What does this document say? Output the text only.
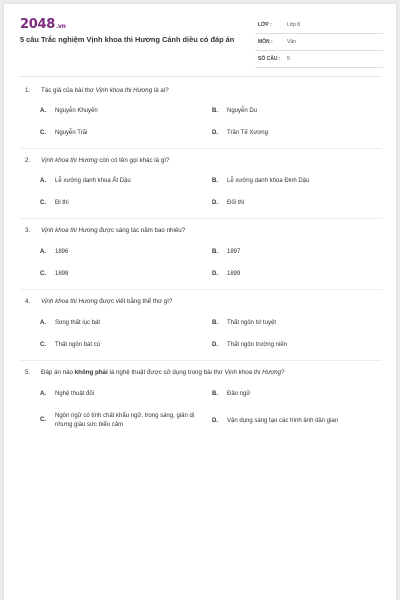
2048.vn
5 câu Trắc nghiệm Vịnh khoa thi Hương Cánh diều có đáp án
LỚP :	Lớp 8
MÔN :	Văn
SỐ CÂU : 5
1. Tác giả của bài thơ Vịnh khoa thi Hương là ai?
A. Nguyễn Khuyến	B. Nguyễn Du
C. Nguyễn Trãi	D. Trần Tế Xương
2. Vịnh khoa thi Hương còn có tên gọi khác là gì?
A. Lễ xướng danh khoa Ất Dậu	B. Lễ xướng danh khoa Đinh Dậu
C. Đi thi	D. Đối thi
3. Vịnh khoa thi Hương được sáng tác năm bao nhiêu?
A. 1896	B. 1897
C. 1898	D. 1899
4. Vịnh khoa thi Hương được viết bằng thể thơ gì?
A. Song thất lục bát	B. Thất ngôn tứ tuyệt
C. Thất ngôn bát cú	D. Thất ngôn trường niên
5. Đáp án nào không phải là nghệ thuật được sử dụng trong bài thơ Vịnh khoa thi Hương?
A. Nghệ thuật đối	B. Đảo ngữ
C.
Ngôn ngữ có tính chất khẩu ngữ, trong sáng, giản dị nhưng giàu sức biểu cảm
D. Vận dụng sáng tạo các hình ảnh dân gian
